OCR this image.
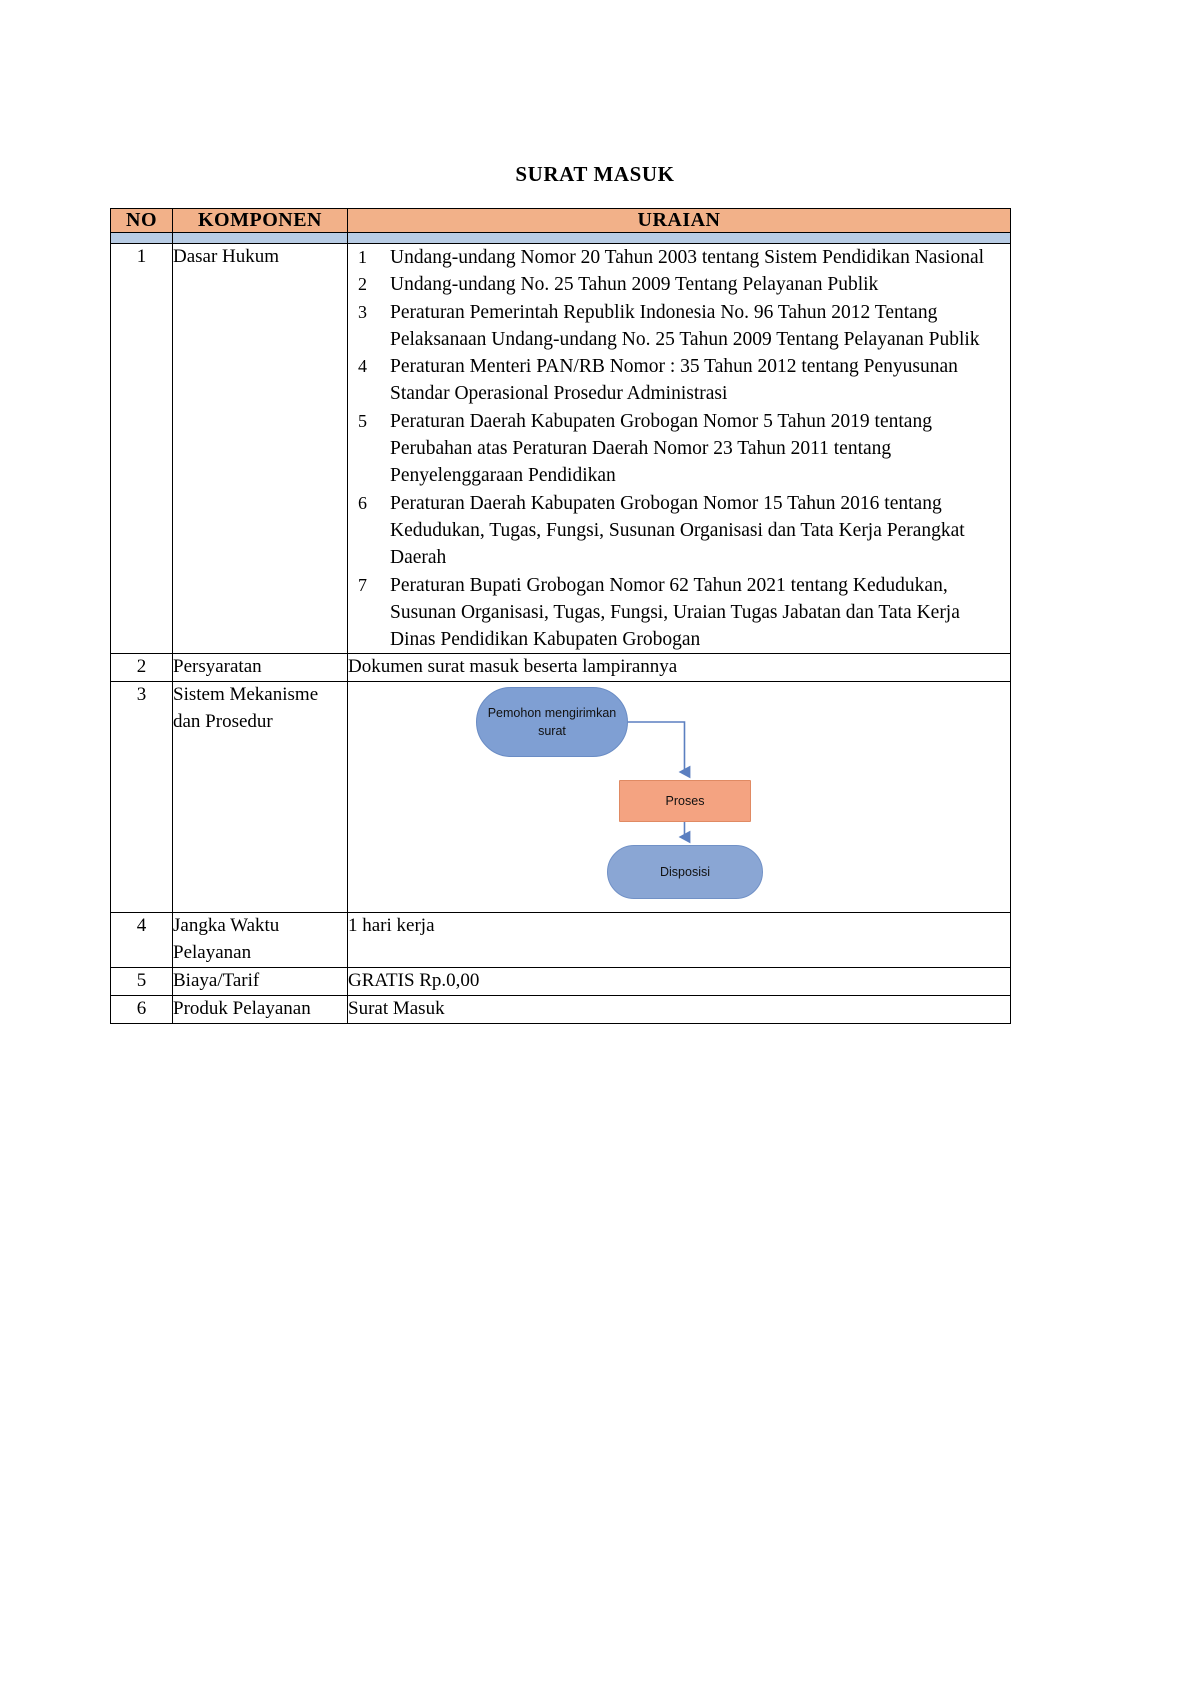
SURAT MASUK
NO	KOMPONEN	URAIAN

1	Dasar Hukum	1 Undang-undang Nomor 20 Tahun 2003 tentang Sistem Pendidikan Nasional
2 Undang-undang No. 25 Tahun 2009 Tentang Pelayanan Publik
3 Peraturan Pemerintah Republik Indonesia No. 96 Tahun 2012 Tentang Pelaksanaan Undang-undang No. 25 Tahun 2009 Tentang Pelayanan Publik
4 Peraturan Menteri PAN/RB Nomor : 35 Tahun 2012 tentang Penyusunan Standar Operasional Prosedur Administrasi
5 Peraturan Daerah Kabupaten Grobogan Nomor 5 Tahun 2019 tentang Perubahan atas Peraturan Daerah Nomor 23 Tahun 2011 tentang Penyelenggaraan Pendidikan
6 Peraturan Daerah Kabupaten Grobogan Nomor 15 Tahun 2016 tentang Kedudukan, Tugas, Fungsi, Susunan Organisasi dan Tata Kerja Perangkat Daerah
7 Peraturan Bupati Grobogan Nomor 62 Tahun 2021 tentang Kedudukan, Susunan Organisasi, Tugas, Fungsi, Uraian Tugas Jabatan dan Tata Kerja Dinas Pendidikan Kabupaten Grobogan

2	Persyaratan	Dokumen surat masuk beserta lampirannya
3	Sistem Mekanisme dan Prosedur	Pemohon mengirimkan surat
Proses
Disposisi

4	Jangka Waktu Pelayanan	1 hari kerja
5	Biaya/Tarif	GRATIS Rp.0,00
6	Produk Pelayanan	Surat Masuk
